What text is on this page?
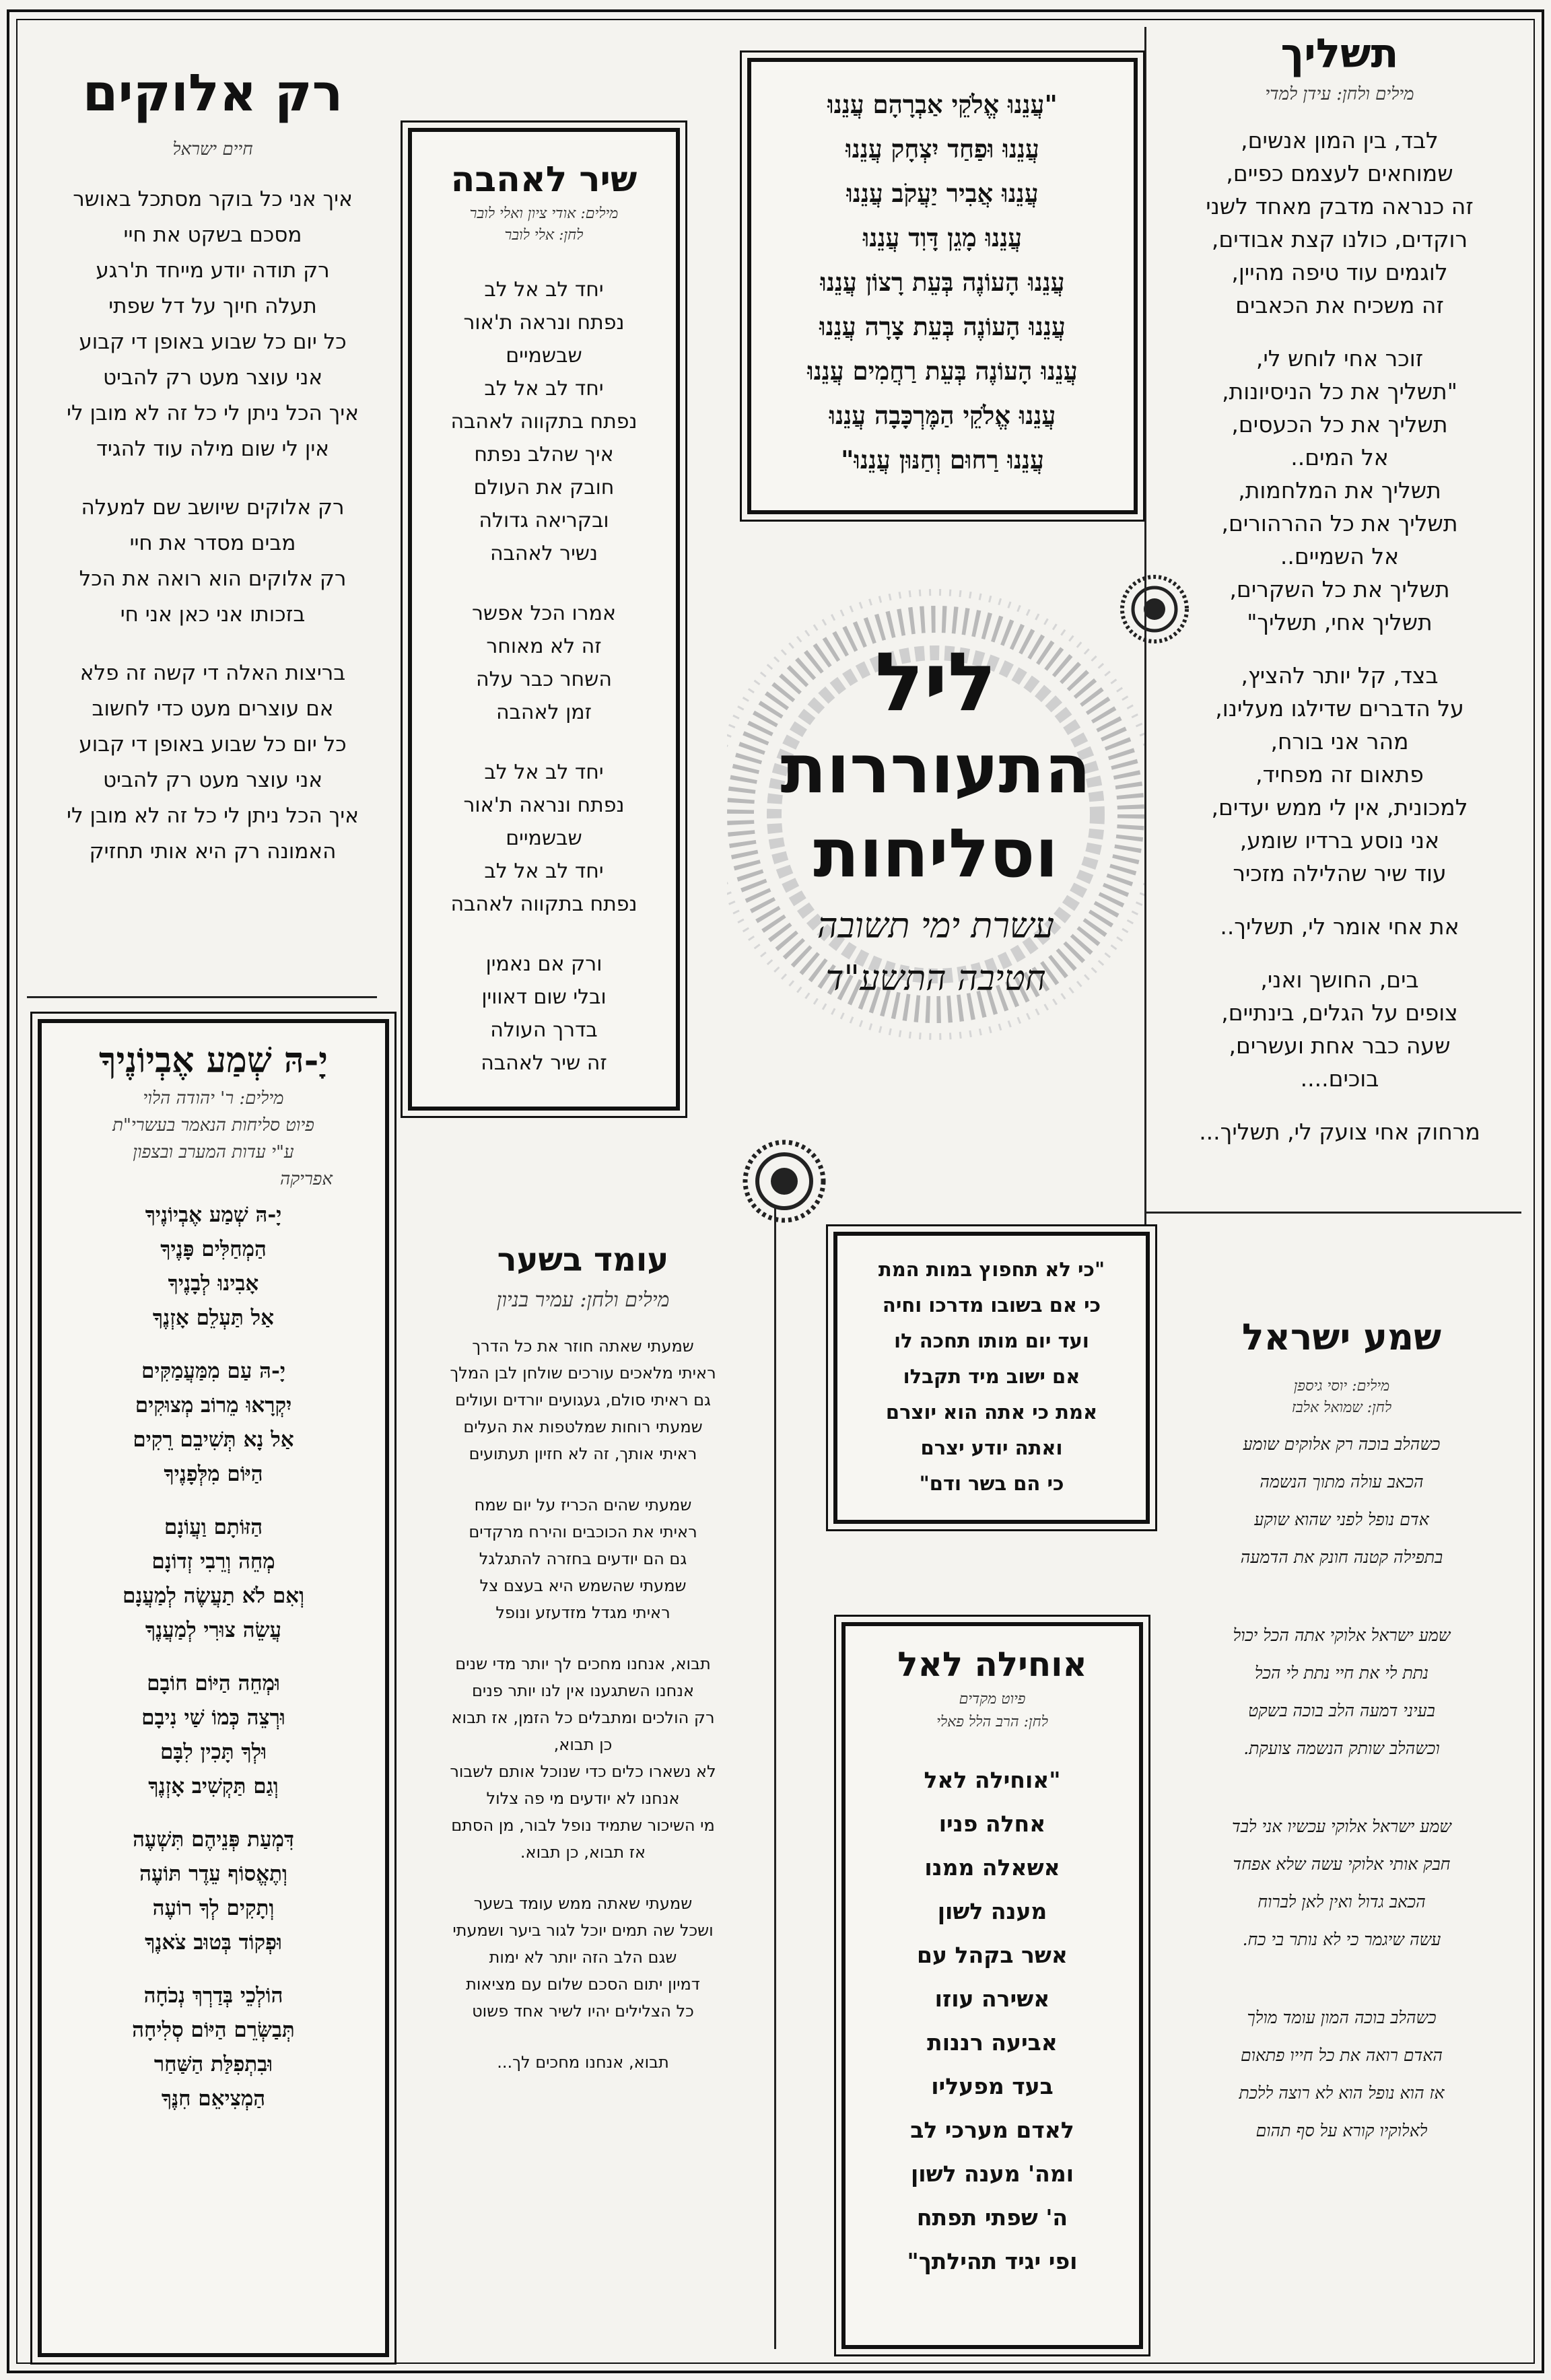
תשליך
מילים ולחן: עידן למדי
לבד, בין המון אנשים,
שמוחאים לעצמם כפיים,
זה כנראה מדבק מאחד לשני
רוקדים, כולנו קצת אבודים,
לוגמים עוד טיפה מהיין,
זה משכיח את הכאבים
זוכר אחי לוחש לי,
"תשליך את כל הניסיונות,
תשליך את כל הכעסים,
אל המים..
תשליך את המלחמות,
תשליך את כל ההרהורים,
אל השמיים..
תשליך את כל השקרים,
תשליך אחי, תשליך"
בצד, קל יותר להציץ,
על הדברים שדילגו מעלינו,
מהר אני בורח,
פתאום זה מפחיד,
למכונית, אין לי ממש יעדים,
אני נוסע ברדיו שומע,
עוד שיר שהלילה מזכיר
את אחי אומר לי, תשליך..
בים, החושך ואני,
צופים על הגלים, בינתיים,
שעה כבר אחת ועשרים,
בוכים....
מרחוק אחי צועק לי, תשליך...
"עֲנֵנוּ אֱלֹקֵי אַבְרָהָם עֲנֵנוּ
עֲנֵנוּ וּפַחַד יִצְחָק עֲנֵנוּ
עֲנֵנוּ אֲבִיר יַעֲקֹב עֲנֵנוּ
עֲנֵנוּ מָגֵן דָּוִד עֲנֵנוּ
עֲנֵנוּ הָעוֹנֶה בְּעֵת רָצוֹן עֲנֵנוּ
עֲנֵנוּ הָעוֹנֶה בְּעֵת צָרָה עֲנֵנוּ
עֲנֵנוּ הָעוֹנֶה בְּעֵת רַחֲמִים עֲנֵנוּ
עֲנֵנוּ אֱלֹקֵי הַמֶּרְכָּבָה עֲנֵנוּ
עֲנֵנוּ רַחוּם וְחַנּוּן עֲנֵנוּ"
ליל
התעוררות
וסליחות
עשרת ימי תשובה
חטיבה התשע"ד
רק אלוקים
חיים ישראל
איך אני כל בוקר מסתכל באושר
מסכם בשקט את חיי
רק תודה יודע מייחד ת'רגע
תעלה חיוך על דל שפתי
כל יום כל שבוע באופן די קבוע
אני עוצר מעט רק להביט
איך הכל ניתן לי כל זה לא מובן לי
אין לי שום מילה עוד להגיד
רק אלוקים שיושב שם למעלה
מבים מסדר את חיי
רק אלוקים הוא רואה את הכל
בזכותו אני כאן אני חי
בריצות האלה די קשה זה פלא
אם עוצרים מעט כדי לחשוב
כל יום כל שבוע באופן די קבוע
אני עוצר מעט רק להביט
איך הכל ניתן לי כל זה לא מובן לי
האמונה רק היא אותי תחזיק
שיר לאהבה
מילים: אודי ציון ואלי לובר
לחן: אלי לובר
יחד לב אל לב
נפתח ונראה ת'אור
שבשמיים
יחד לב אל לב
נפתח בתקווה לאהבה
איך שהלב נפתח
חובק את העולם
ובקריאה גדולה
נשיר לאהבה
אמרו הכל אפשר
זה לא מאוחר
השחר כבר עלה
זמן לאהבה
יחד לב אל לב
נפתח ונראה ת'אור
שבשמיים
יחד לב אל לב
נפתח בתקווה לאהבה
ורק אם נאמין
ובלי שום דאווין
בדרך העולה
זה שיר לאהבה
יָ-הּ שְׁמַע אֶבְיוֹנֶיךָ
מילים: ר' יהודה הלוי
פיוט סליחות הנאמר בעשרי"ת
ע"י עדות המערב ובצפון
אפריקה
יָ-הּ שְׁמַע אֶבְיוֹנֶיךָ
הַמְחַלִּים פָּנֶיךָ
אָבִינוּ לְבָנֶיךָ
אַל תַּעְלֵם אָזְנֶךָ
יָ-הּ עַם מִמַּעֲמַקִּים
יִקְרָאוּ מֵרוֹב מְצוּקִים
אַל נָא תְּשִׁיבֵם רֵקִים
הַיּוֹם מִלְּפָנֶיךָ
הַזּוֹתָם וַעֲוֹנָם
מְחֵה וְרֵבִי זְדוֹנָם
וְאִם לֹא תַעֲשֶׂה לְמַעֲנָם
עֲשֵׂה צוּרִי לְמַעֲנֶךָ
וּמְחֵה הַיּוֹם חוֹבָם
וּרְצֵה כְּמוֹ שַׁי נִיבָם
וּלְךָ תָּכִין לִבָּם
וְגַם תַּקְשִׁיב אָזְנֶךָ
דִּמְעַת פְּנֵיהֶם תִּשְׁעֶה
וְתֶאֱסוֹף עֵדֶר תּוֹעֶה
וְתָקִים לְךָ רוֹעֶה
וּפְקוֹד בְּטוּב צֹאנֶךָ
הוֹלְכֵי בְּדַרְךְ נְכֹחָה
תְּבַשְּׂרֵם הַיּוֹם סְלִיחָה
וּבִתְפִלַּת הַשַּׁחַר
הַמְצִיאֵם חִנֶּךָ
עומד בשער
מילים ולחן: עמיר בניון
שמעתי שאתה חוזר את כל הדרך
ראיתי מלאכים עורכים שולחן לבן המלך
גם ראיתי סולם, געגועים יורדים ועולים
שמעתי רוחות שמלטפות את העלים
ראיתי אותך, זה לא חזיון תעתועים
שמעתי שהים הכריז על יום שמח
ראיתי את הכוכבים והירח מרקדים
גם הם יודעים בחזרה להתגלגל
שמעתי שהשמש היא בעצם צל
ראיתי מגדל מזדעזע ונופל
תבוא, אנחנו מחכים לך יותר מדי שנים
אנחנו השתגענו אין לנו יותר פנים
רק הולכים ומתבלים כל הזמן, אז תבוא
כן תבוא,
לא נשארו כלים כדי שנוכל אותם לשבור
אנחנו לא יודעים מי פה צלול
מי השיכור שתמיד נופל לבור, מן הסתם
אז תבוא, כן תבוא.
שמעתי שאתה ממש עומד בשער
ושכל שה תמים יוכל לגור ביער ושמעתי
שגם הלב הזה יותר לא ימות
דמיון יתום הסכם שלום עם מציאות
כל הצלילים יהיו לשיר אחד פשוט
תבוא, אנחנו מחכים לך...
"כי לא תחפוץ במות המת
כי אם בשובו מדרכו וחיה
ועד יום מותו תחכה לו
אם ישוב מיד תקבלו
אמת כי אתה הוא יוצרם
ואתה יודע יצרם
כי הם בשר ודם"
אוחילה לאל
פיוט מקדים
לחן: הרב הלל פאלי
"אוחילה לאל
אחלה פניו
אשאלה ממנו
מענה לשון
אשר בקהל עם
אשירה עוזו
אביעה רננות
בעד מפעליו
לאדם מערכי לב
ומה' מענה לשון
ה' שפתי תפתח
ופי יגיד תהילתך"
שמע ישראל
מילים: יוסי גיספן
לחן: שמואל אלבז
כשהלב בוכה רק אלוקים שומע
הכאב עולה מתוך הנשמה
אדם נופל לפני שהוא שוקע
בתפילה קטנה חונק את הדמעה
שמע ישראל אלוקי אתה הכל יכול
נתת לי את חיי נתת לי הכל
בעיני דמעה הלב בוכה בשקט
וכשהלב שותק הנשמה צועקת.
שמע ישראל אלוקי עכשיו אני לבד
חבק אותי אלוקי עשה שלא אפחד
הכאב גדול ואין לאן לברוח
עשה שיגמר כי לא נותר בי כח.
כשהלב בוכה המון עומד מולך
האדם רואה את כל חייו פתאום
אז הוא נופל הוא לא רוצה ללכת
לאלוקיו קורא על סף תהום
